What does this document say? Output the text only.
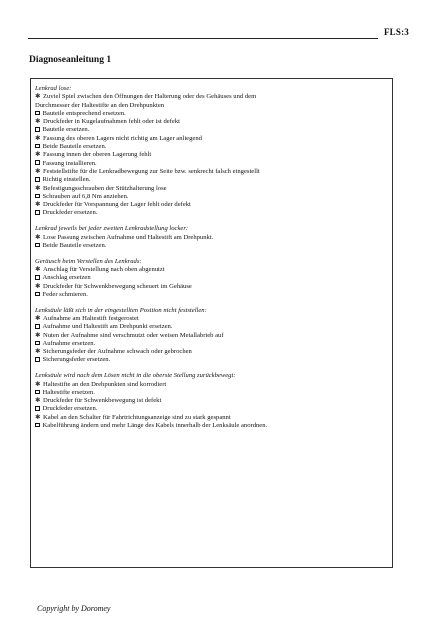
FLS:3
Diagnoseanleitung 1
Lenkrad lose:
✱ Zuviel Spiel zwischen den Öffnungen der Halterung oder des Gehäuses und dem
Durchmesser der Haltestifte an den Drehpunkten
Bauteile entsprechend ersetzen.
✱ Druckfeder in Kugelaufnahmen fehlt oder ist defekt
Bauteile ersetzen.
✱ Fassung des oberen Lagers nicht richtig am Lager anliegend
Beide Bauteile ersetzen.
✱ Fassung innen der oberen Lagerung fehlt
Fassung installieren.
✱ Feststellstifte für die Lenkradbewegung zur Seite bzw. senkrecht falsch eingestellt
Richtig einstellen.
✱ Befestigungsschrauben der Stützhalterung lose
Schrauben auf 6,8 Nm anziehen.
✱ Druckfeder für Vorspannung der Lager fehlt oder defekt
Druckfeder ersetzen.
Lenkrad jeweils bei jeder zweiten Lenkradstellung locker:
✱ Lose Passung zwischen Aufnahme und Haltestift am Drehpunkt.
Beide Bauteile ersetzen.
Geräusch beim Verstellen des Lenkrads:
✱ Anschlag für Verstellung nach oben abgenutzt
Anschlag ersetzen
✱ Druckfeder für Schwenkbewegung scheuert im Gehäuse
Feder schmieren.
Lenksäule läßt sich in der eingestellten Position nicht feststellen:
✱ Aufnahme am Haltestift festgerostet
Aufnahme und Haltestift am Drehpunkt ersetzen.
✱ Nuten der Aufnahme sind verschmutzt oder weisen Metallabrieb auf
Aufnahme ersetzen.
✱ Sicherungsfeder der Aufnahme schwach oder gebrochen
Sicherungsfeder ersetzen.
Lenksäule wird nach dem Lösen nicht in die oberste Stellung zurückbewegt:
✱ Haltestifte an den Drehpunkten sind korrodiert
Haltestifte ersetzen.
✱ Druckfeder für Schwenkbewegung ist defekt
Druckfeder ersetzen.
✱ Kabel an den Schalter für Fahrtrichtungsanzeige sind zu stark gespannt
Kabelführung ändern und mehr Länge des Kabels innerhalb der Lenksäule anordnen.
Copyright by Doromey
